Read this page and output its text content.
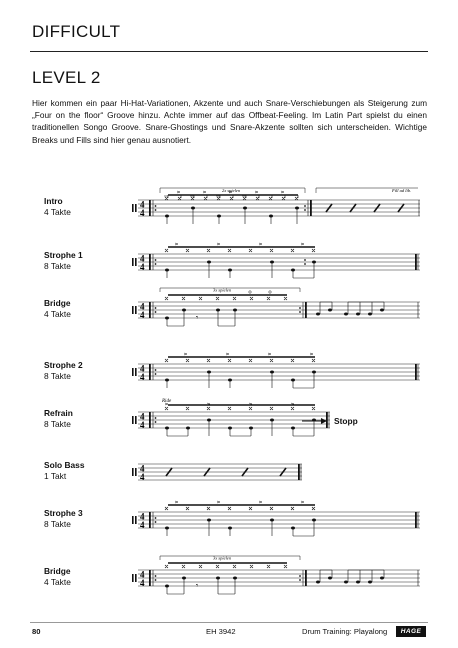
DIFFICULT
LEVEL 2
Hier kommen ein paar Hi-Hat-Variationen, Akzente und auch Snare-Verschiebungen als Steigerung zum „Four on the floor“ Groove hinzu. Achte immer auf das Offbeat-Feeling. Im Latin Part spielst du einen traditionellen Songo Groove. Snare-Ghostings und Snare-Akzente sollten sich unterscheiden. Wichtige Breaks und Fills sind hier genau ausnotiert.
Intro
4 Takte
4
4
2x spielen	Fill ad lib.
Strophe 1
8 Takte
4
4
Bridge
4 Takte
4
4
3x spielen
𝄾
Strophe 2
8 Takte
4
4
Refrain
8 Takte
4
4
Ride
Stopp
Solo Bass
1 Takt
4
4
Strophe 3
8 Takte
4
4
Bridge
4 Takte
4
4
3x spielen
𝄾
80	EH 3942	Drum Training: Playalong	HAGE
